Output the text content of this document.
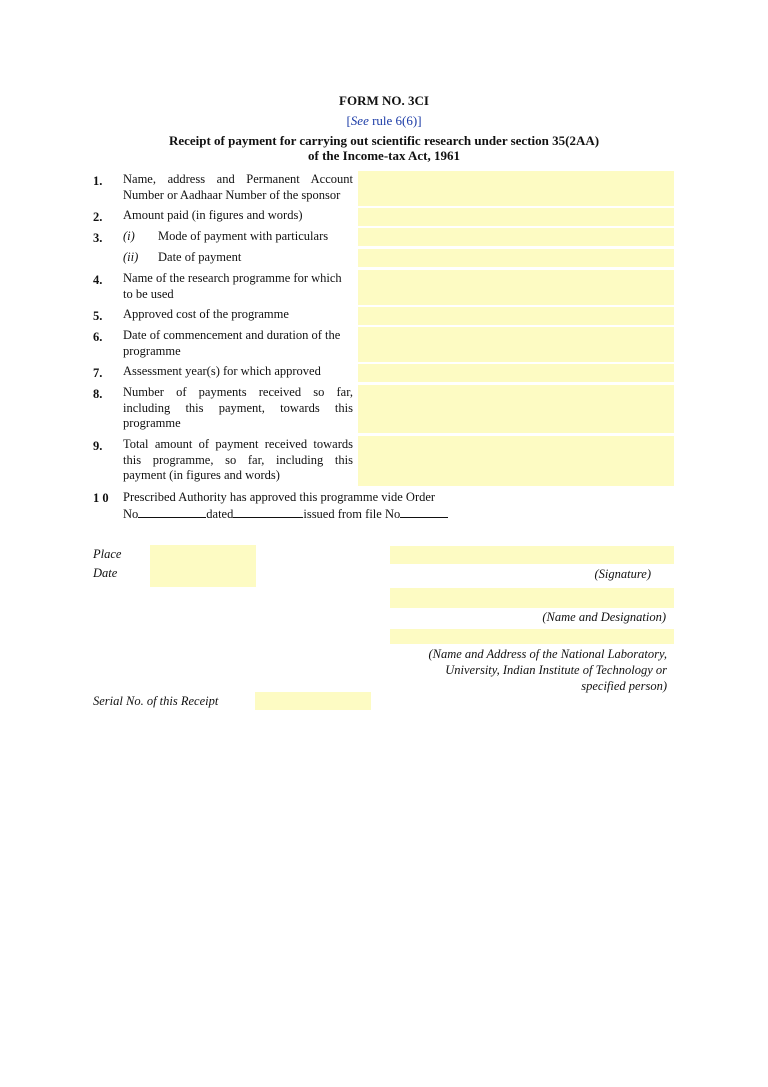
FORM NO. 3CI
[See rule 6(6)]
Receipt of payment for carrying out scientific research under section 35(2AA)
of the Income-tax Act, 1961
1. Name, address and Permanent Account Number or Aadhaar Number of the sponsor
2. Amount paid (in figures and words)
3. (i) Mode of payment with particulars
(ii) Date of payment
4. Name of the research programme for which to be used
5. Approved cost of the programme
6. Date of commencement and duration of the programme
7. Assessment year(s) for which approved
8. Number of payments received so far, including this payment, towards this programme
9. Total amount of payment received towards this programme, so far, including this payment (in figures and words)
1 0 Prescribed Authority has approved this programme vide Order
No	dated	issued from file No
Place
Date	(Signature)
(Name and Designation)
(Name and Address of the National Laboratory,
University, Indian Institute of Technology or
specified person)
Serial No. of this Receipt
